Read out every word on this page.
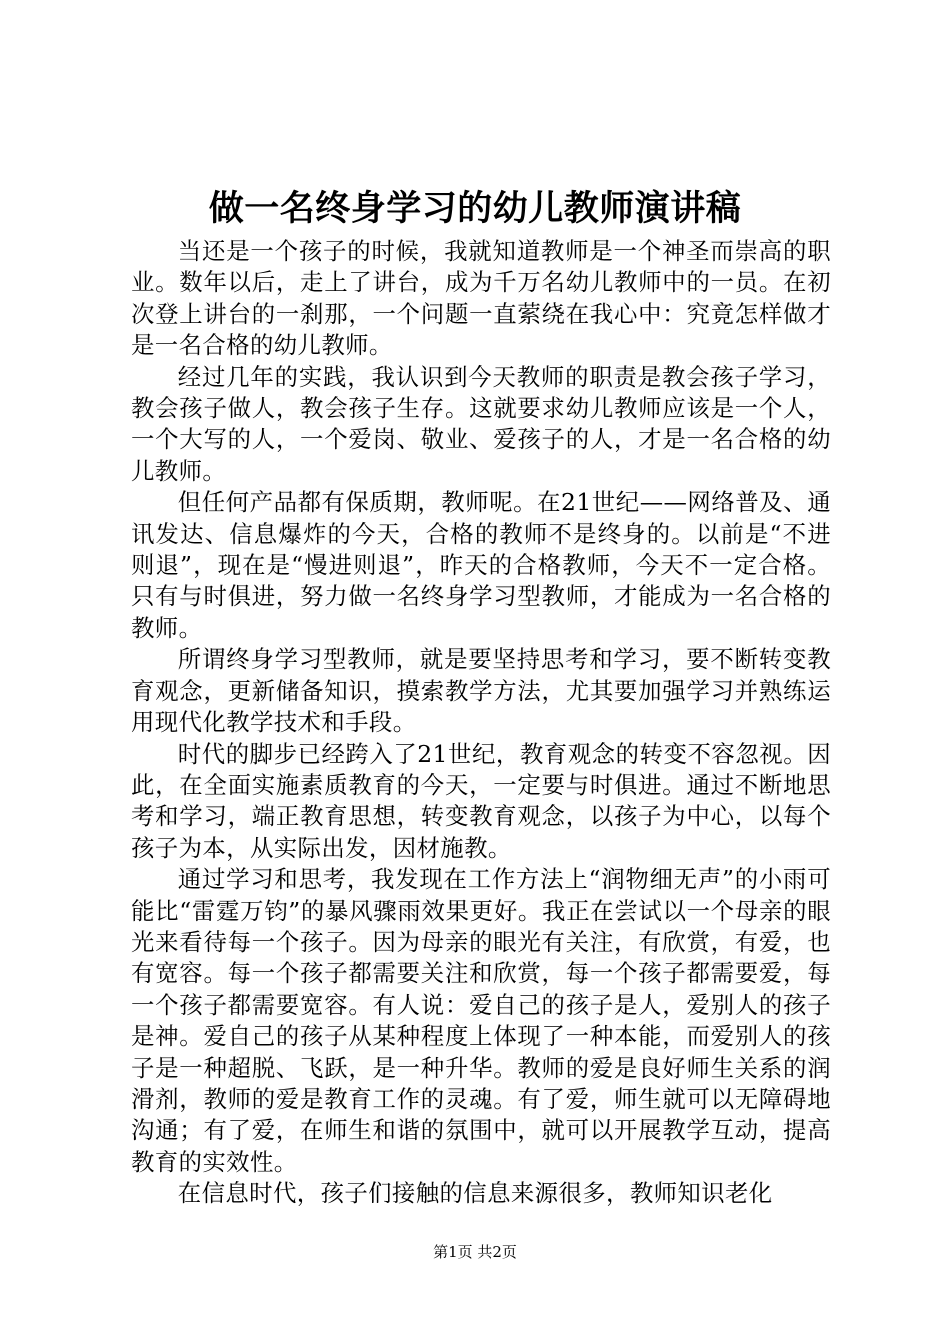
做一名终身学习的幼儿教师演讲稿

当还是一个孩子的时候，我就知道教师是一个神圣而崇高的职业。数年以后，走上了讲台，成为千万名幼儿教师中的一员。在初次登上讲台的一刹那，一个问题一直萦绕在我心中：究竟怎样做才是一名合格的幼儿教师。

经过几年的实践，我认识到今天教师的职责是教会孩子学习，教会孩子做人，教会孩子生存。这就要求幼儿教师应该是一个人，一个大写的人，一个爱岗、敬业、爱孩子的人，才是一名合格的幼儿教师。

但任何产品都有保质期，教师呢。在21世纪——网络普及、通讯发达、信息爆炸的今天，合格的教师不是终身的。以前是“不进则退”，现在是“慢进则退”，昨天的合格教师，今天不一定合格。只有与时俱进，努力做一名终身学习型教师，才能成为一名合格的教师。

所谓终身学习型教师，就是要坚持思考和学习，要不断转变教育观念，更新储备知识，摸索教学方法，尤其要加强学习并熟练运用现代化教学技术和手段。

时代的脚步已经跨入了21世纪，教育观念的转变不容忽视。因此，在全面实施素质教育的今天，一定要与时俱进。通过不断地思考和学习，端正教育思想，转变教育观念，以孩子为中心，以每个孩子为本，从实际出发，因材施教。

通过学习和思考，我发现在工作方法上“润物细无声”的小雨可能比“雷霆万钧”的暴风骤雨效果更好。我正在尝试以一个母亲的眼光来看待每一个孩子。因为母亲的眼光有关注，有欣赏，有爱，也有宽容。每一个孩子都需要关注和欣赏，每一个孩子都需要爱，每一个孩子都需要宽容。有人说：爱自己的孩子是人，爱别人的孩子是神。爱自己的孩子从某种程度上体现了一种本能，而爱别人的孩子是一种超脱、飞跃，是一种升华。教师的爱是良好师生关系的润滑剂，教师的爱是教育工作的灵魂。有了爱，师生就可以无障碍地沟通；有了爱，在师生和谐的氛围中，就可以开展教学互动，提高教育的实效性。

在信息时代，孩子们接触的信息来源很多，教师知识老化

第1页 共2页
